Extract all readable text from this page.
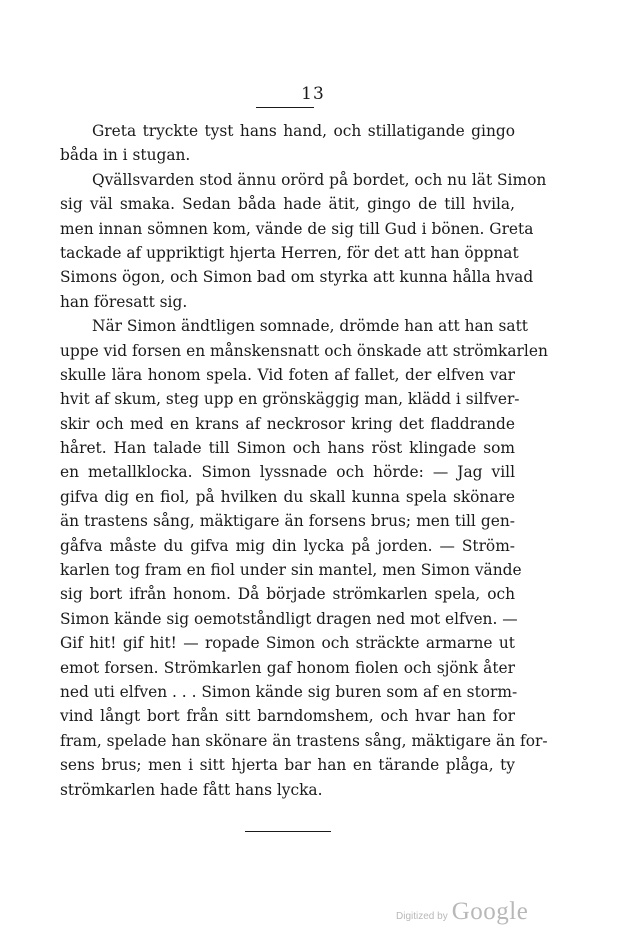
13
Greta tryckte tyst hans hand, och stillatigande gingo
båda in i stugan.
Qvällsvarden stod ännu orörd på bordet, och nu lät Simon
sig väl smaka. Sedan båda hade ätit, gingo de till hvila,
men innan sömnen kom, vände de sig till Gud i bönen. Greta
tackade af uppriktigt hjerta Herren, för det att han öppnat
Simons ögon, och Simon bad om styrka att kunna hålla hvad
han föresatt sig.
När Simon ändtligen somnade, drömde han att han satt
uppe vid forsen en månskensnatt och önskade att strömkarlen
skulle lära honom spela. Vid foten af fallet, der elfven var
hvit af skum, steg upp en grönskäggig man, klädd i silfver-
skir och med en krans af neckrosor kring det fladdrande
håret. Han talade till Simon och hans röst klingade som
en metallklocka. Simon lyssnade och hörde: — Jag vill
gifva dig en fiol, på hvilken du skall kunna spela skönare
än trastens sång, mäktigare än forsens brus; men till gen-
gåfva måste du gifva mig din lycka på jorden. — Ström-
karlen tog fram en fiol under sin mantel, men Simon vände
sig bort ifrån honom. Då började strömkarlen spela, och
Simon kände sig oemotståndligt dragen ned mot elfven. —
Gif hit! gif hit! — ropade Simon och sträckte armarne ut
emot forsen. Strömkarlen gaf honom fiolen och sjönk åter
ned uti elfven . . . Simon kände sig buren som af en storm-
vind långt bort från sitt barndomshem, och hvar han for
fram, spelade han skönare än trastens sång, mäktigare än for-
sens brus; men i sitt hjerta bar han en tärande plåga, ty
strömkarlen hade fått hans lycka.
Digitized by Google
